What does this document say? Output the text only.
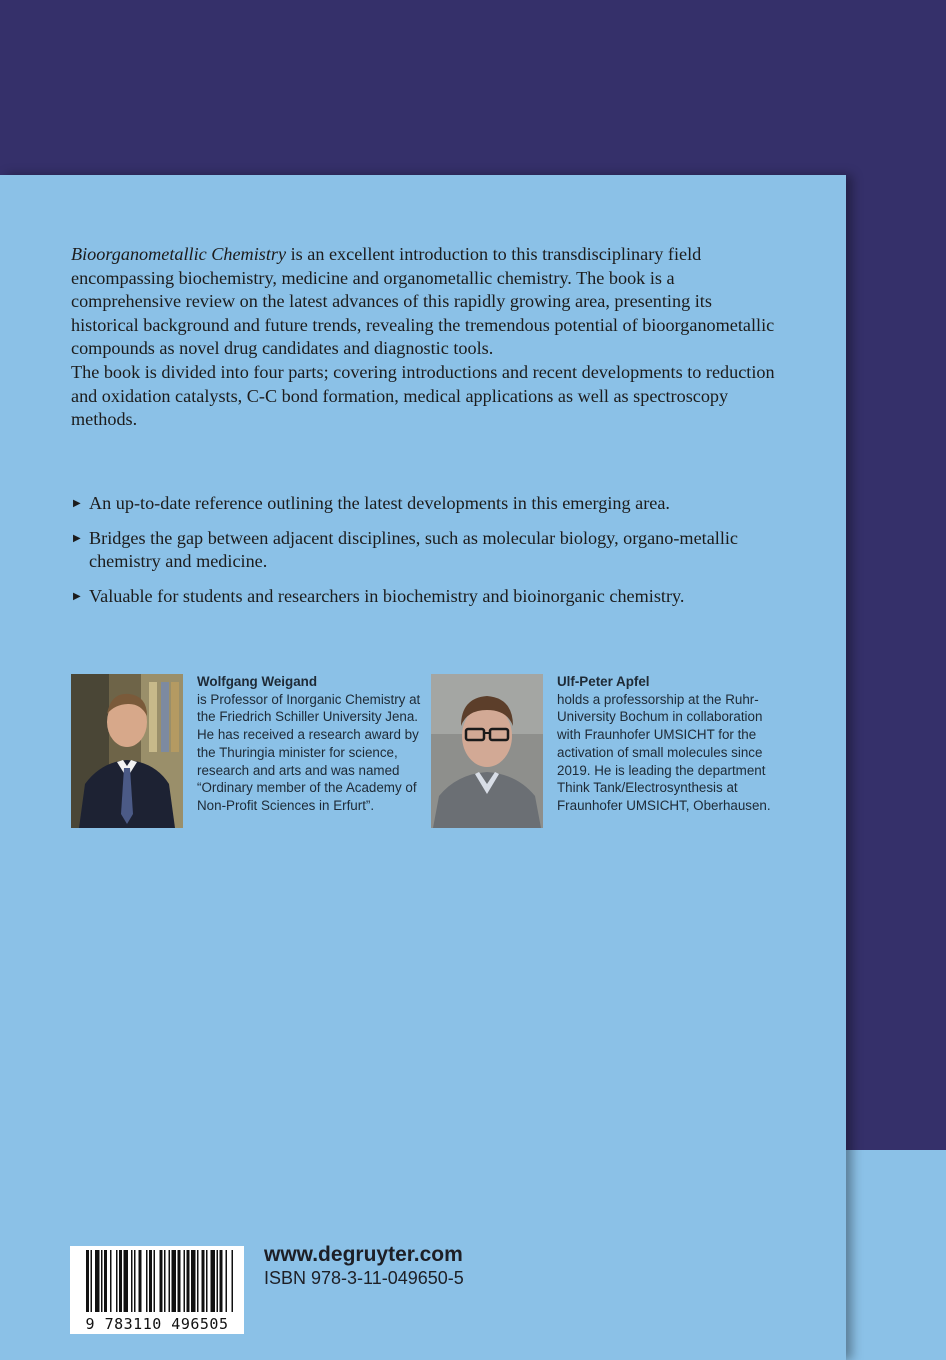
Bioorganometallic Chemistry is an excellent introduction to this transdisciplinary field encompassing biochemistry, medicine and organometallic chemistry. The book is a comprehensive review on the latest advances of this rapidly growing area, presenting its historical background and future trends, revealing the tremendous potential of bioorganometallic compounds as novel drug candidates and diagnostic tools.

The book is divided into four parts; covering introductions and recent developments to reduction and oxidation catalysts, C-C bond formation, medical applications as well as spectroscopy methods.

▶ An up-to-date reference outlining the latest developments in this emerging area.
▶ Bridges the gap between adjacent disciplines, such as molecular biology, organo-metallic chemistry and medicine.
▶ Valuable for students and researchers in biochemistry and bioinorganic chemistry.
Wolfgang Weigand
is Professor of Inorganic Chemistry at the Friedrich Schiller University Jena. He has received a research award by the Thuringia minister for science, research and arts and was named “Ordinary member of the Academy of Non-Profit Sciences in Erfurt”.
Ulf-Peter Apfel
holds a professorship at the Ruhr-University Bochum in collaboration with Fraunhofer UMSICHT for the activation of small molecules since 2019. He is leading the department Think Tank/Electrosynthesis at Fraunhofer UMSICHT, Oberhausen.
9 783110 496505
www.degruyter.com
ISBN 978-3-11-049650-5
